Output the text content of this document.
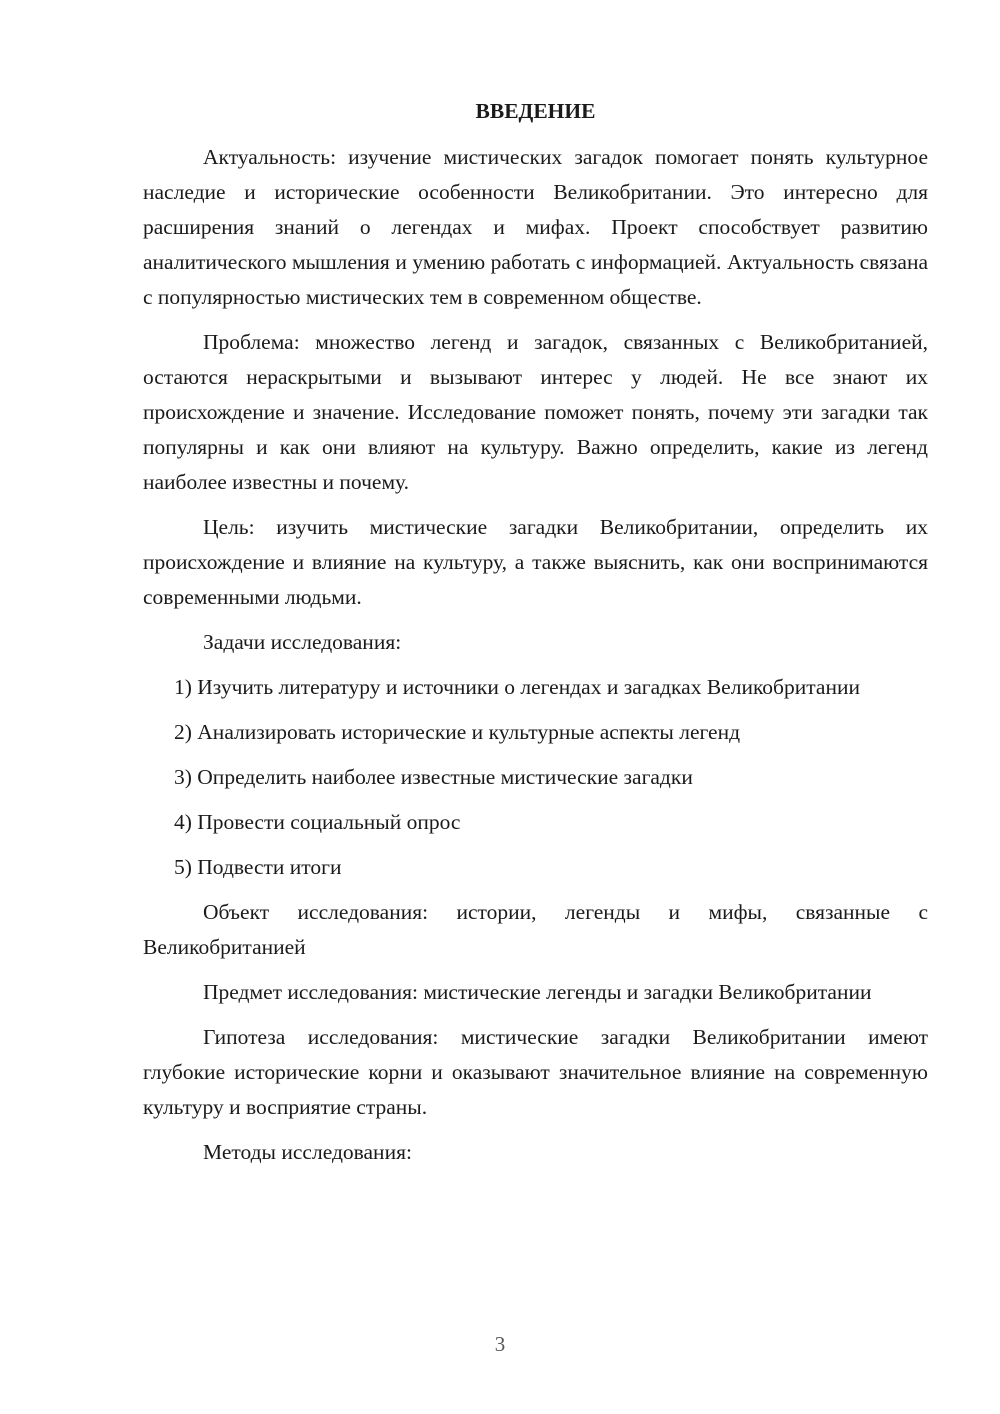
ВВЕДЕНИЕ

Актуальность: изучение мистических загадок помогает понять культурное наследие и исторические особенности Великобритании. Это интересно для расширения знаний о легендах и мифах. Проект способствует развитию аналитического мышления и умению работать с информацией. Актуальность связана с популярностью мистических тем в современном обществе.

Проблема: множество легенд и загадок, связанных с Великобританией, остаются нераскрытыми и вызывают интерес у людей. Не все знают их происхождение и значение. Исследование поможет понять, почему эти загадки так популярны и как они влияют на культуру. Важно определить, какие из легенд наиболее известны и почему.

Цель: изучить мистические загадки Великобритании, определить их происхождение и влияние на культуру, а также выяснить, как они воспринимаются современными людьми.

Задачи исследования:

1) Изучить литературу и источники о легендах и загадках Великобритании

2) Анализировать исторические и культурные аспекты легенд

3) Определить наиболее известные мистические загадки

4) Провести социальный опрос

5) Подвести итоги

Объект исследования: истории, легенды и мифы, связанные с Великобританией

Предмет исследования: мистические легенды и загадки Великобритании

Гипотеза исследования: мистические загадки Великобритании имеют глубокие исторические корни и оказывают значительное влияние на современную культуру и восприятие страны.

Методы исследования:

3
